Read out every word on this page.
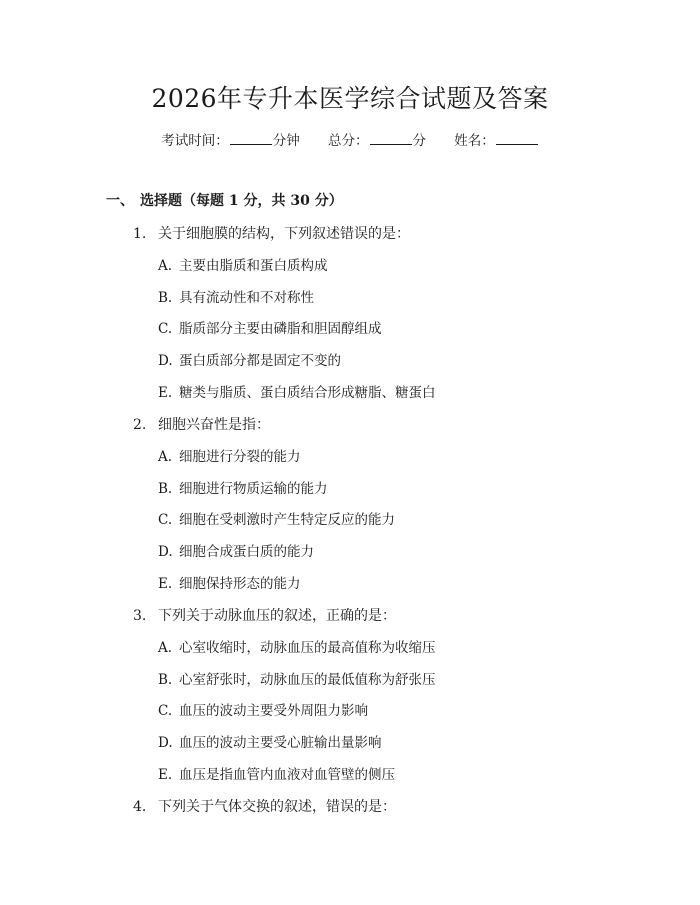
2026年专升本医学综合试题及答案
考试时间：	分钟 总分：	分 姓名：
一、 选择题（每题 1 分，共 30 分）
1. 关于细胞膜的结构，下列叙述错误的是：
A. 主要由脂质和蛋白质构成
B. 具有流动性和不对称性
C. 脂质部分主要由磷脂和胆固醇组成
D. 蛋白质部分都是固定不变的
E. 糖类与脂质、蛋白质结合形成糖脂、糖蛋白
2. 细胞兴奋性是指：
A. 细胞进行分裂的能力
B. 细胞进行物质运输的能力
C. 细胞在受刺激时产生特定反应的能力
D. 细胞合成蛋白质的能力
E. 细胞保持形态的能力
3. 下列关于动脉血压的叙述，正确的是：
A. 心室收缩时，动脉血压的最高值称为收缩压
B. 心室舒张时，动脉血压的最低值称为舒张压
C. 血压的波动主要受外周阻力影响
D. 血压的波动主要受心脏输出量影响
E. 血压是指血管内血液对血管壁的侧压
4. 下列关于气体交换的叙述，错误的是：
